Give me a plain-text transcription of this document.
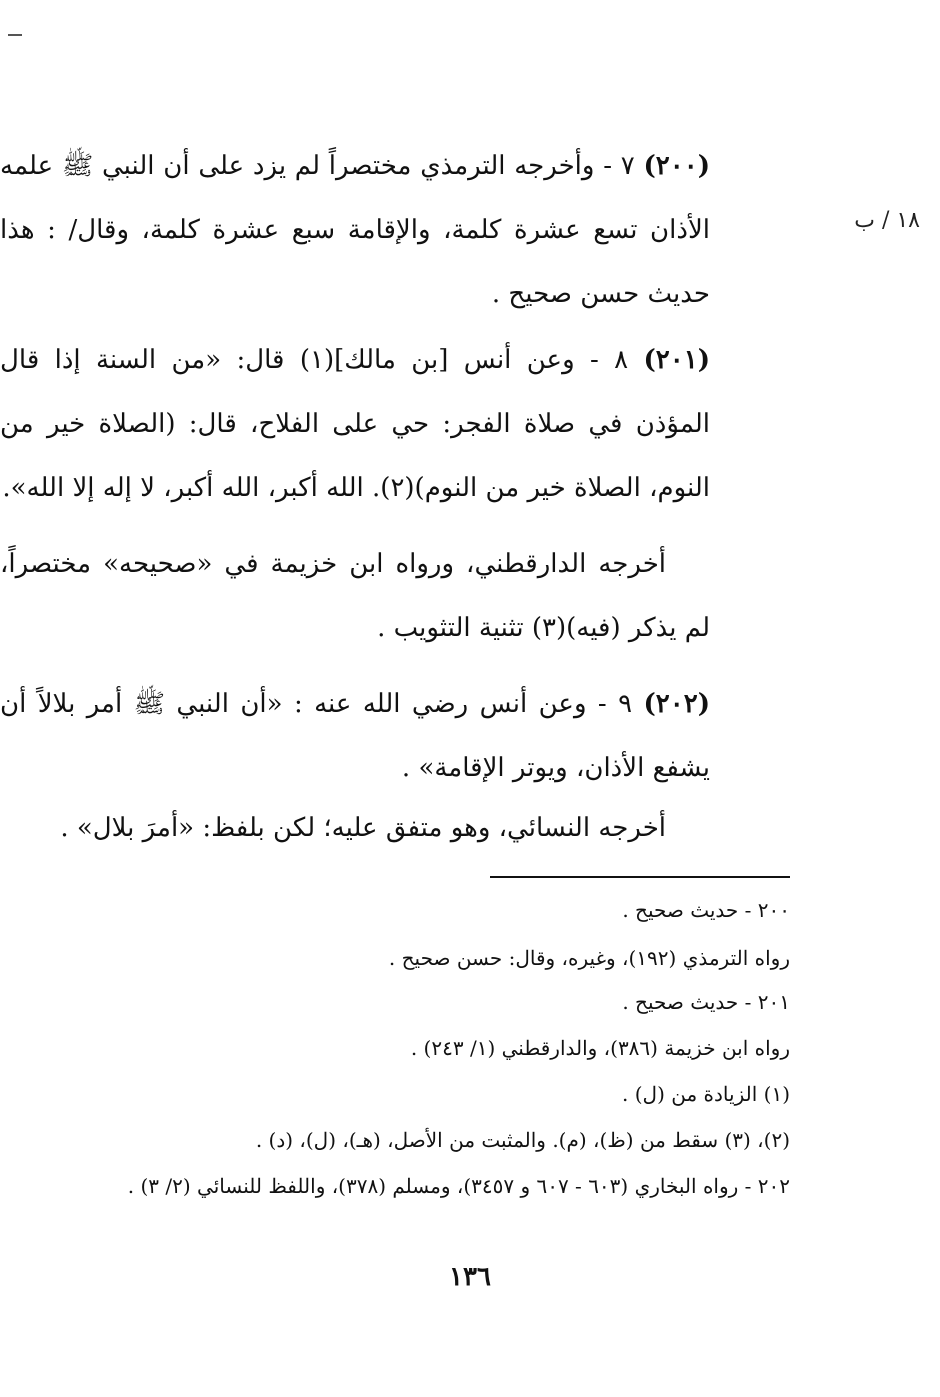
١٨ / ب
(٢٠٠) ٧ - وأخرجه الترمذي مختصراً لم يزد على أن النبي ﷺ علمه الأذان تسع عشرة كلمة، والإقامة سبع عشرة كلمة، وقال/ : هذا حديث حسن صحيح .
(٢٠١) ٨ - وعن أنس [بن مالك](١) قال: «من السنة إذا قال المؤذن في صلاة الفجر: حي على الفلاح، قال: (الصلاة خير من النوم، الصلاة خير من النوم)(٢). الله أكبر، الله أكبر، لا إله إلا الله».
أخرجه الدارقطني، ورواه ابن خزيمة في «صحيحه» مختصراً، لم يذكر (فيه)(٣) تثنية التثويب .
(٢٠٢) ٩ - وعن أنس رضي الله عنه : «أن النبي ﷺ أمر بلالاً أن يشفع الأذان، ويوتر الإقامة» .
أخرجه النسائي، وهو متفق عليه؛ لكن بلفظ: «أمرَ بلال» .
٢٠٠ - حديث صحيح .
رواه الترمذي (١٩٢)، وغيره، وقال: حسن صحيح .
٢٠١ - حديث صحيح .
رواه ابن خزيمة (٣٨٦)، والدارقطني (١/ ٢٤٣) .
(١) الزيادة من (ل) .
(٢)، (٣) سقط من (ظ)، (م). والمثبت من الأصل، (هـ)، (ل)، (د) .
٢٠٢ - رواه البخاري (٦٠٣ - ٦٠٧ و ٣٤٥٧)، ومسلم (٣٧٨)، واللفظ للنسائي (٢/ ٣) .
١٣٦
